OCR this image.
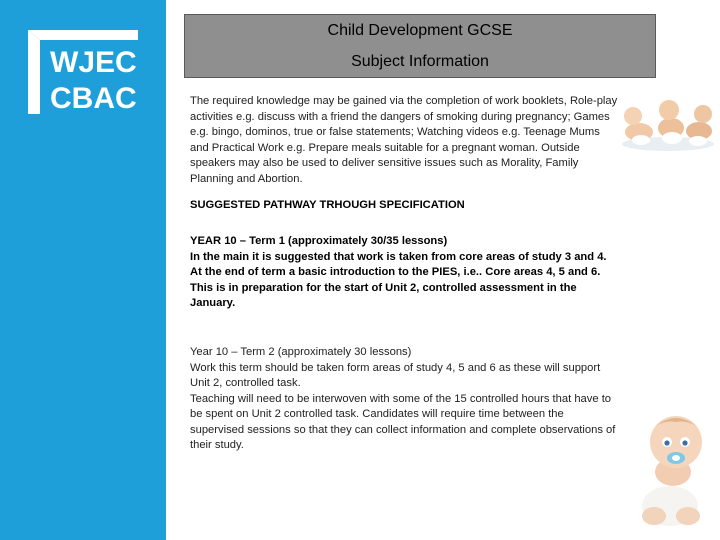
WJEC
CBAC
Child Development GCSE
Subject Information

The required knowledge may be gained via the completion of work booklets, Role-play activities e.g. discuss with a friend the dangers of smoking during pregnancy; Games e.g. bingo, dominos, true or false statements; Watching videos e.g. Teenage Mums and Practical Work e.g. Prepare meals suitable for a pregnant woman. Outside speakers may also be used to deliver sensitive issues such as Morality, Family Planning and Abortion.

SUGGESTED PATHWAY TRHOUGH SPECIFICATION

YEAR 10 – Term 1 (approximately 30/35 lessons)

In the main it is suggested that work is taken from core areas of study 3 and 4.

At the end of term a basic introduction to the PIES, i.e.. Core areas 4, 5 and 6. This is in preparation for the start of Unit 2, controlled assessment in the January.

Year 10 – Term 2 (approximately 30 lessons)

Work this term should be taken form areas of study 4, 5 and 6 as these will support Unit 2, controlled task.

Teaching will need to be interwoven with some of the 15 controlled hours that have to be spent on Unit 2 controlled task. Candidates will require time between the supervised sessions so that they can collect information and complete observations of their study.
